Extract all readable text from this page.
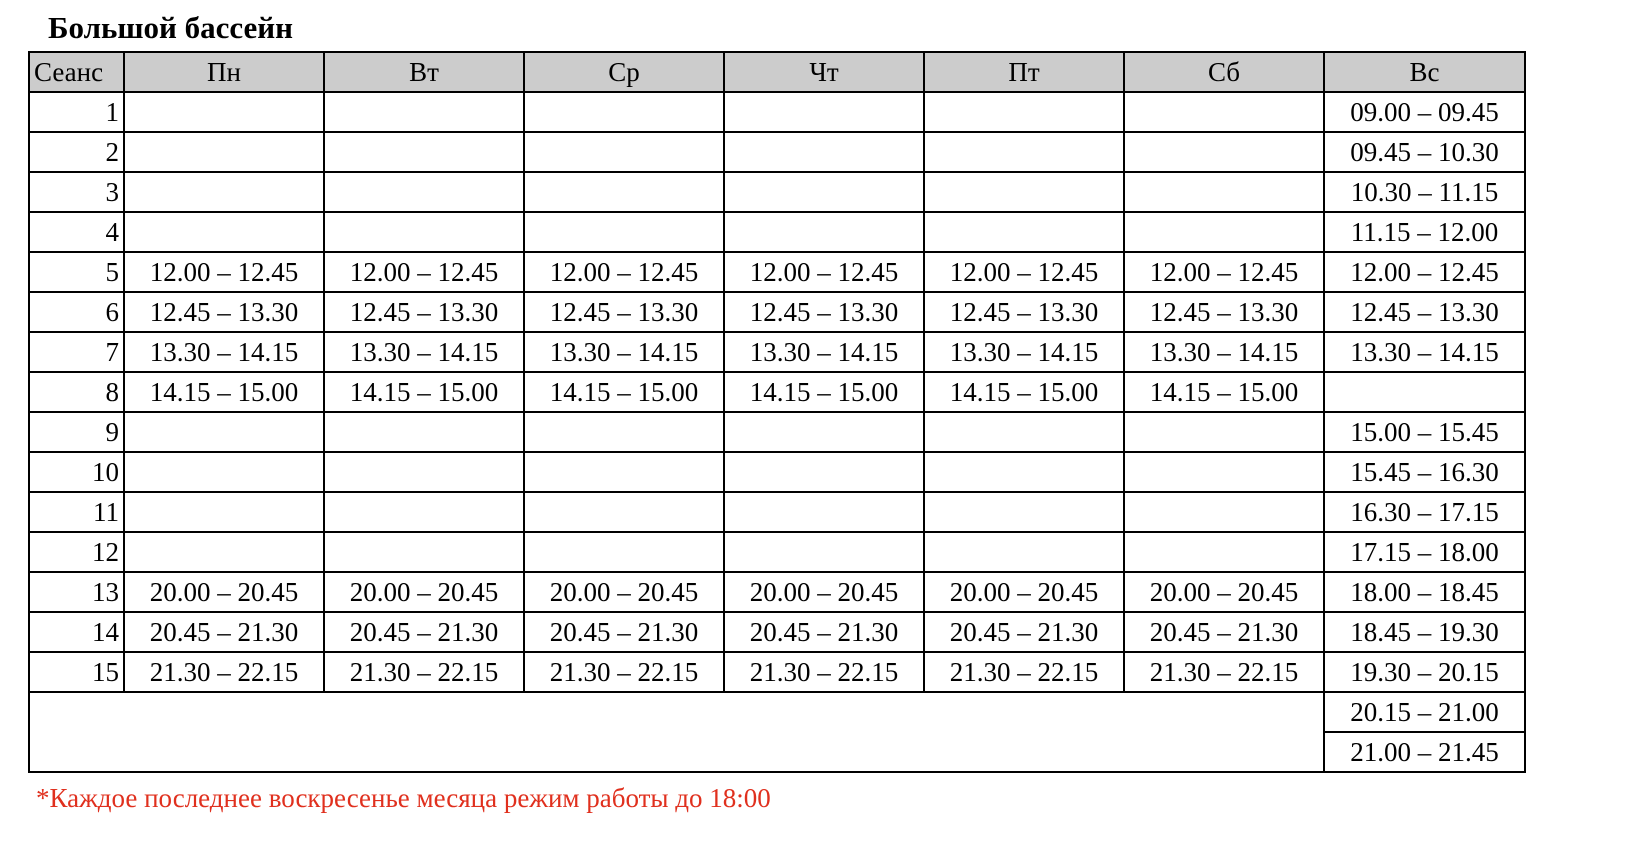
Большой бассейн
Сеанс	Пн	Вт	Ср	Чт	Пт	Сб	Вс
1							09.00 – 09.45
2							09.45 – 10.30
3							10.30 – 11.15
4							11.15 – 12.00
5	12.00 – 12.45	12.00 – 12.45	12.00 – 12.45	12.00 – 12.45	12.00 – 12.45	12.00 – 12.45	12.00 – 12.45
6	12.45 – 13.30	12.45 – 13.30	12.45 – 13.30	12.45 – 13.30	12.45 – 13.30	12.45 – 13.30	12.45 – 13.30
7	13.30 – 14.15	13.30 – 14.15	13.30 – 14.15	13.30 – 14.15	13.30 – 14.15	13.30 – 14.15	13.30 – 14.15
8	14.15 – 15.00	14.15 – 15.00	14.15 – 15.00	14.15 – 15.00	14.15 – 15.00	14.15 – 15.00	
9							15.00 – 15.45
10							15.45 – 16.30
11							16.30 – 17.15
12							17.15 – 18.00
13	20.00 – 20.45	20.00 – 20.45	20.00 – 20.45	20.00 – 20.45	20.00 – 20.45	20.00 – 20.45	18.00 – 18.45
14	20.45 – 21.30	20.45 – 21.30	20.45 – 21.30	20.45 – 21.30	20.45 – 21.30	20.45 – 21.30	18.45 – 19.30
15	21.30 – 22.15	21.30 – 22.15	21.30 – 22.15	21.30 – 22.15	21.30 – 22.15	21.30 – 22.15	19.30 – 20.15
							20.15 – 21.00
							21.00 – 21.45
*Каждое последнее воскресенье месяца режим работы до 18:00
